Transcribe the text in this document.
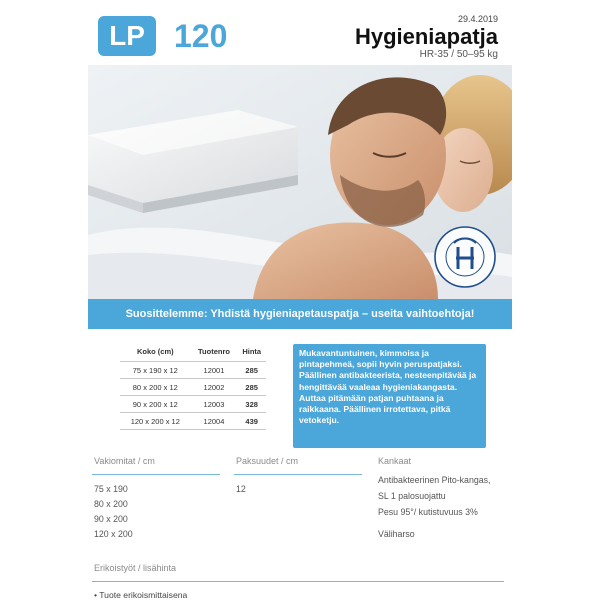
LP 120	29.4.2019
Hygieniapatja
HR-35 / 50–95 kg
Suosittelemme: Yhdistä hygieniapetauspatja – useita vaihtoehtoja!
Koko (cm)	Tuotenro	Hinta
75 x 190 x 12	12001	285
80 x 200 x 12	12002	285
90 x 200 x 12	12003	328
120 x 200 x 12	12004	439
Mukavantuntuinen, kimmoisa ja pintapehmeä, sopii hyvin peruspatjaksi. Päällinen antibakteerista, nesteenpitävää ja hengittävää vaaleaa hygieniakangasta. Auttaa pitämään patjan puhtaana ja raikkaana. Päällinen irrotettava, pitkä vetoketju.
Vakiomitat / cm
75 x 190
80 x 200
90 x 200
120 x 200
Paksuudet / cm
12
Kankaat
Antibakteerinen Pito-kangas,
SL 1 palosuojattu
Pesu 95°/ kutistuvuus 3%
Väliharso
Erikoistyöt / lisähinta
• Tuote erikoismittaisena
